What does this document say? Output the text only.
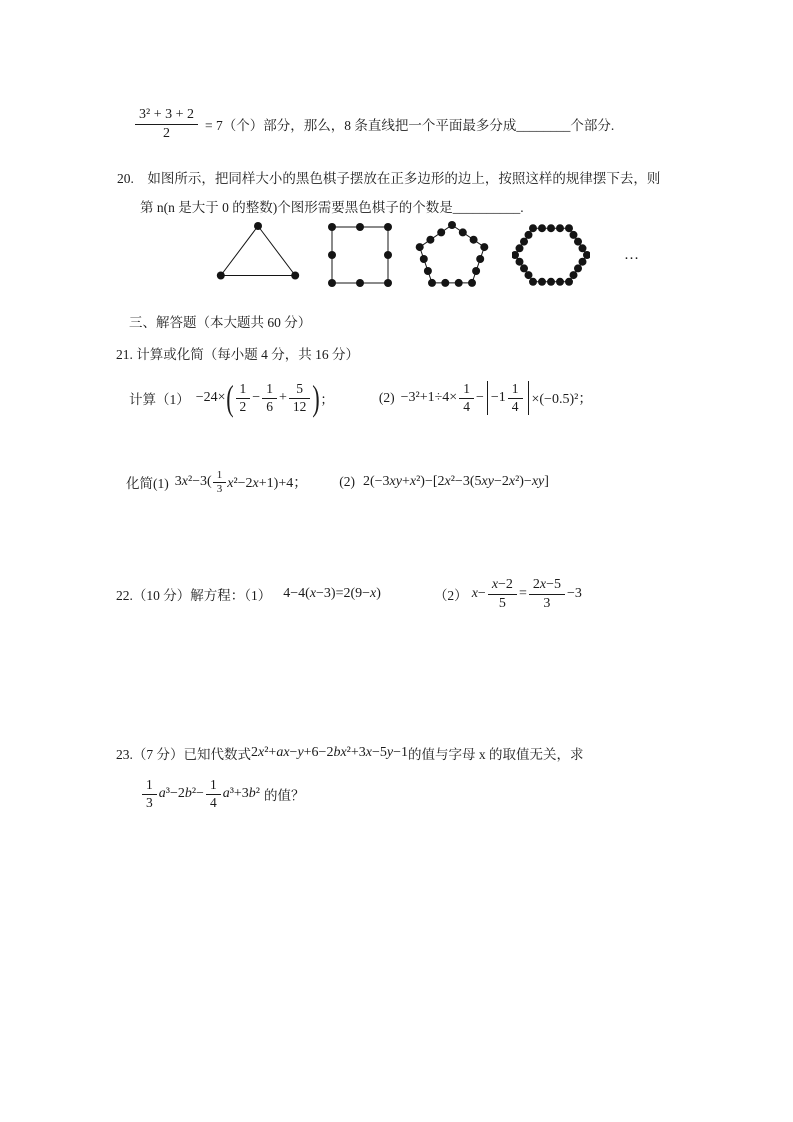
$\frac{\text{3² + 3 + 2}}{2} = 7$（个）部分，那么，8 条直线把一个平面最多分成________个部分.
20.　如图所示，把同样大小的黑色棋子摆放在正多边形的边上，按照这样的规律摆下去，则
第 n(n 是大于 0 的整数)个图形需要黑色棋子的个数是__________.
…
三、解答题（本大题共 60 分）
21. 计算或化简（每小题 4 分，共 16 分）
计算（1） −24× ( $\frac{1}{2} - \frac{1}{6} + \frac{5}{12}$ ) ；	$(2) -3^2+1\div 4\times \frac{1}{4} - -1 \frac{1}{4} \times(-0.5)^2$；
化简(1) $3x^2-3( \frac{1}{3} x^2-2x+1)+4$； (2) 2(−3xy+x²)−[2x²−3(5xy−2x²)−xy]
22.（10 分）解方程：（1） 4−4(x−3)=2(9−x)	（2） $x- \frac{x-2}{5} = \frac{2x-5}{3} -3$
23.（7 分）已知代数式 2x²+ax−y+6−2bx²+3x−5y−1 的值与字母 x 的取值无关，求
$\frac{1}{3} a^3-2b^2- \frac{1}{4} a^3+3b^2$ 的值？
